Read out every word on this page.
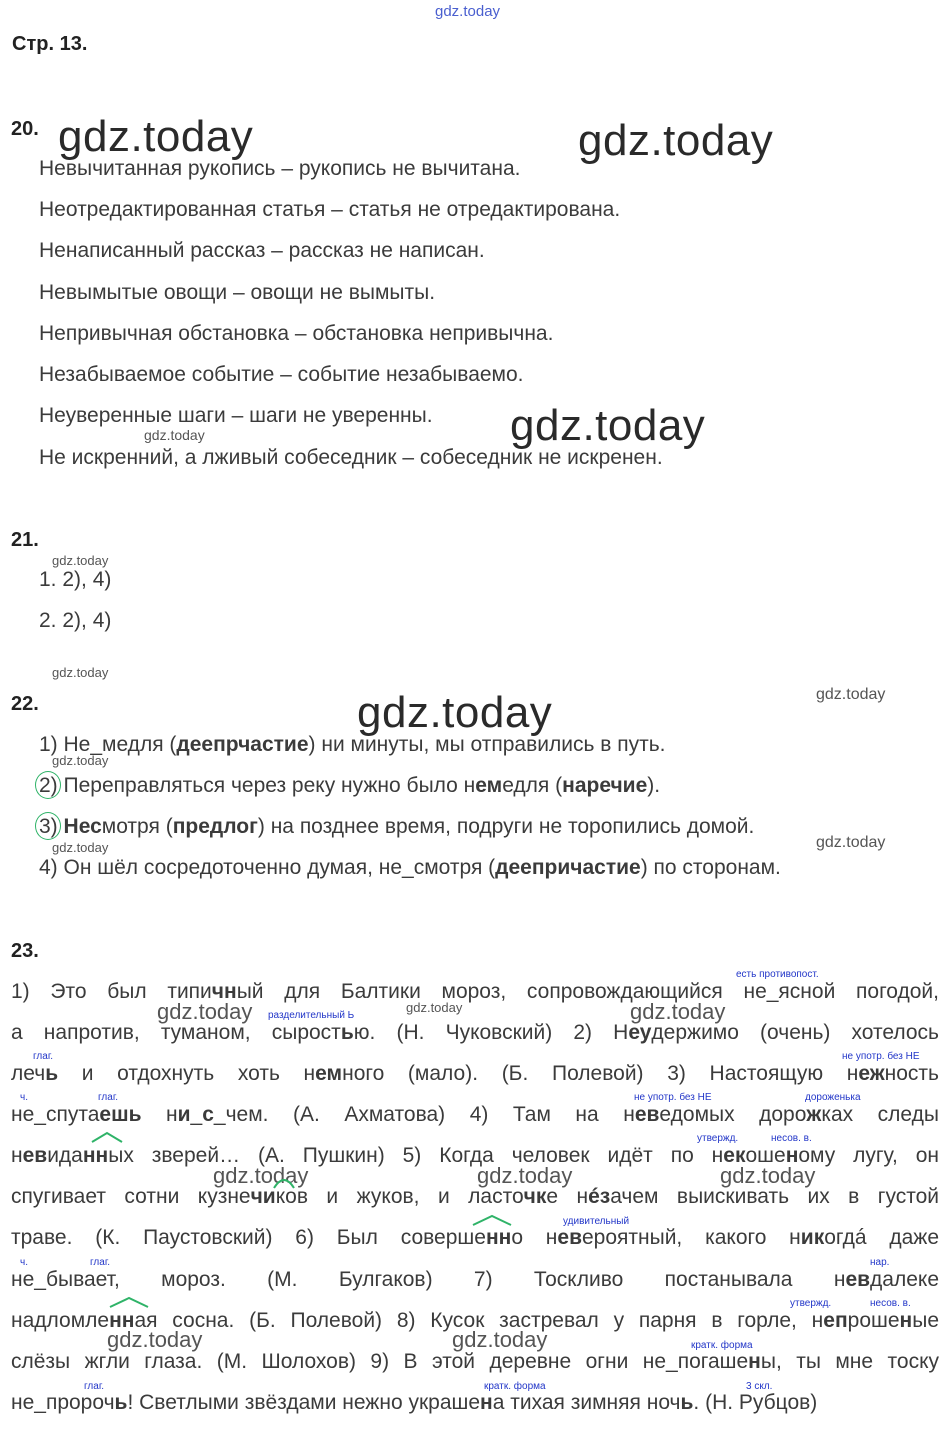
gdz.today
Стр. 13.
20. gdz.today	gdz.today
Невычитанная рукопись – рукопись не вычитана.
Неотредактированная статья – статья не отредактирована.
Ненаписанный рассказ – рассказ не написан.
Невымытые овощи – овощи не вымыты.
Непривычная обстановка – обстановка непривычна.
Незабываемое событие – событие незабываемо.
Неуверенные шаги – шаги не уверенны.
gdz.today	gdz.today
Не искренний, а лживый собеседник – собеседник не искренен.
21.
gdz.today
1. 2), 4)
2. 2), 4)
gdz.today
22.	gdz.today	gdz.today
1) Не_медля (деепрчастие) ни минуты, мы отправились в путь.
gdz.today
2) Переправляться через реку нужно было немедля (наречие).
3) Несмотря (предлог) на позднее время, подруги не торопились домой.
gdz.today	gdz.today
4) Он шёл сосредоточенно думая, не_смотря (деепричастие) по сторонам.
23.
есть противопост.
разделительный Ь
глаг.	не употр. без НЕ
ч.	глаг.	не употр. без НЕ	дороженька
утвержд.	несов. в.
удивительный
ч.	глаг.	нар.
утвержд.	несов. в.
кратк. форма
глаг.	кратк. форма	3 скл.
gdz.today
gdz.today	gdz.today
gdz.today	gdz.today	gdz.today
gdz.today	gdz.today
1) Это был типичный для Балтики мороз, сопровождающийся не_ясной погодой,
а напротив, туманом, сыростью. (Н. Чуковский) 2) Неудержимо (очень) хотелось
лечь и отдохнуть хоть немного (мало). (Б. Полевой) 3) Настоящую нежность
не_спутаешь ни_с_чем. (А. Ахматова) 4) Там на неведомых дорожках следы
невиданных зверей… (А. Пушкин) 5) Когда человек идёт по некошеному лугу, он
спугивает сотни кузнечиков и жуков, и ласточке нéзачем выискивать их в густой
траве. (К. Паустовский) 6) Был совершенно невероятный, какого никогдá даже
не_бывает, мороз. (М. Булгаков) 7) Тоскливо постанывала невдалеке
надломленная сосна. (Б. Полевой) 8) Кусок застревал у парня в горле, непрошеные
слёзы жгли глаза. (М. Шолохов) 9) В этой деревне огни не_погашены, ты мне тоску
не_пророчь! Светлыми звёздами нежно украшена тихая зимняя ночь. (Н. Рубцов)
